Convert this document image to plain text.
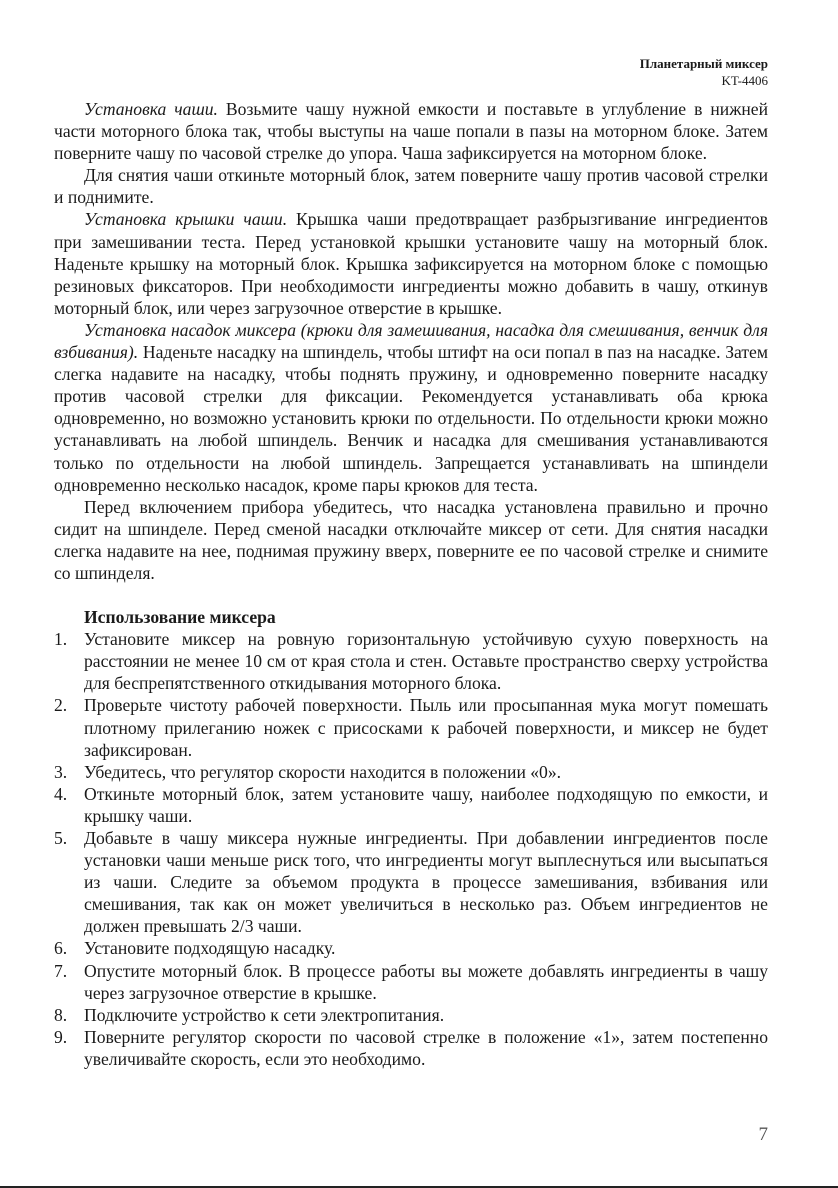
Планетарный миксер
KT-4406

Установка чаши. Возьмите чашу нужной емкости и поставьте в углубление в нижней части моторного блока так, чтобы выступы на чаше попали в пазы на моторном блоке. Затем поверните чашу по часовой стрелке до упора. Чаша зафиксируется на моторном блоке.

Для снятия чаши откиньте моторный блок, затем поверните чашу против часовой стрелки и поднимите.

Установка крышки чаши. Крышка чаши предотвращает разбрызгивание ингредиентов при замешивании теста. Перед установкой крышки установите чашу на моторный блок. Наденьте крышку на моторный блок. Крышка зафиксируется на моторном блоке с помощью резиновых фиксаторов. При необходимости ингредиенты можно добавить в чашу, откинув моторный блок, или через загрузочное отверстие в крышке.

Установка насадок миксера (крюки для замешивания, насадка для смешивания, венчик для взбивания). Наденьте насадку на шпиндель, чтобы штифт на оси попал в паз на насадке. Затем слегка надавите на насадку, чтобы поднять пружину, и одновременно поверните насадку против часовой стрелки для фиксации. Рекомендуется устанавливать оба крюка одновременно, но возможно установить крюки по отдельности. По отдельности крюки можно устанавливать на любой шпиндель. Венчик и насадка для смешивания устанавливаются только по отдельности на любой шпиндель. Запрещается устанавливать на шпиндели одновременно несколько насадок, кроме пары крюков для теста.

Перед включением прибора убедитесь, что насадка установлена правильно и прочно сидит на шпинделе. Перед сменой насадки отключайте миксер от сети. Для снятия насадки слегка надавите на нее, поднимая пружину вверх, поверните ее по часовой стрелке и снимите со шпинделя.

Использование миксера
1. Установите миксер на ровную горизонтальную устойчивую сухую поверхность на расстоянии не менее 10 см от края стола и стен. Оставьте пространство сверху устройства для беспрепятственного откидывания моторного блока.
2. Проверьте чистоту рабочей поверхности. Пыль или просыпанная мука могут помешать плотному прилеганию ножек с присосками к рабочей поверхности, и миксер не будет зафиксирован.
3. Убедитесь, что регулятор скорости находится в положении «0».
4. Откиньте моторный блок, затем установите чашу, наиболее подходящую по емкости, и крышку чаши.
5. Добавьте в чашу миксера нужные ингредиенты. При добавлении ингредиентов после установки чаши меньше риск того, что ингредиенты могут выплеснуться или высыпаться из чаши. Следите за объемом продукта в процессе замешивания, взбивания или смешивания, так как он может увеличиться в несколько раз. Объем ингредиентов не должен превышать 2/3 чаши.
6. Установите подходящую насадку.
7. Опустите моторный блок. В процессе работы вы можете добавлять ингредиенты в чашу через загрузочное отверстие в крышке.
8. Подключите устройство к сети электропитания.
9. Поверните регулятор скорости по часовой стрелке в положение «1», затем постепенно увеличивайте скорость, если это необходимо.
7
